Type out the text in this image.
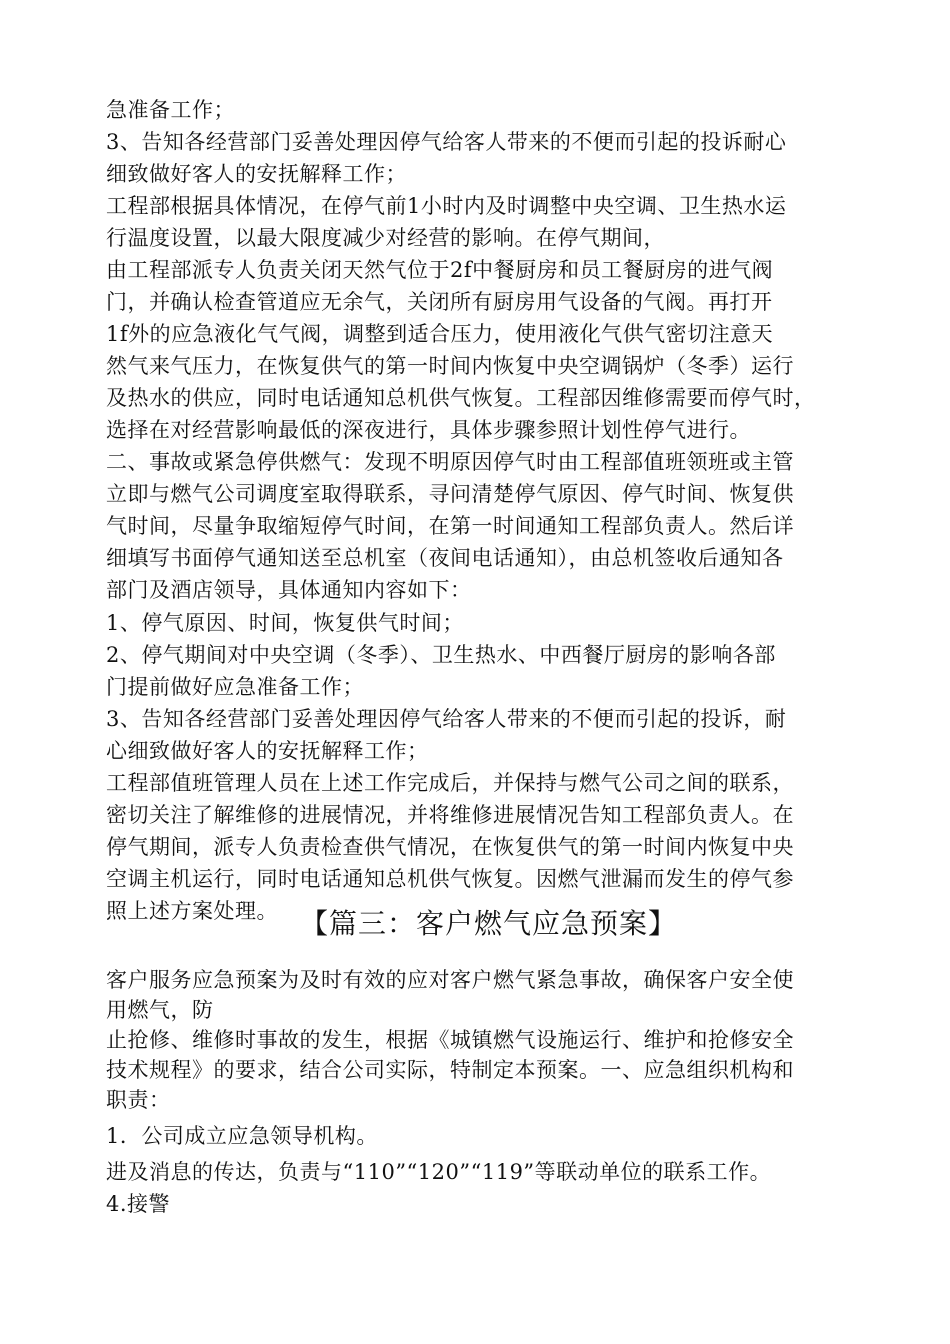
急准备工作；
3、告知各经营部门妥善处理因停气给客人带来的不便而引起的投诉耐心
细致做好客人的安抚解释工作；
工程部根据具体情况，在停气前1小时内及时调整中央空调、卫生热水运
行温度设置，以最大限度减少对经营的影响。在停气期间，
由工程部派专人负责关闭天然气位于2f中餐厨房和员工餐厨房的进气阀
门，并确认检查管道应无余气，关闭所有厨房用气设备的气阀。再打开
1f外的应急液化气气阀，调整到适合压力，使用液化气供气密切注意天
然气来气压力，在恢复供气的第一时间内恢复中央空调锅炉（冬季）运行
及热水的供应，同时电话通知总机供气恢复。工程部因维修需要而停气时，
选择在对经营影响最低的深夜进行，具体步骤参照计划性停气进行。
二、事故或紧急停供燃气：发现不明原因停气时由工程部值班领班或主管
立即与燃气公司调度室取得联系，寻问清楚停气原因、停气时间、恢复供
气时间，尽量争取缩短停气时间，在第一时间通知工程部负责人。然后详
细填写书面停气通知送至总机室（夜间电话通知），由总机签收后通知各
部门及酒店领导，具体通知内容如下：
1、停气原因、时间，恢复供气时间；
2、停气期间对中央空调（冬季）、卫生热水、中西餐厅厨房的影响各部
门提前做好应急准备工作；
3、告知各经营部门妥善处理因停气给客人带来的不便而引起的投诉，耐
心细致做好客人的安抚解释工作；
工程部值班管理人员在上述工作完成后，并保持与燃气公司之间的联系，
密切关注了解维修的进展情况，并将维修进展情况告知工程部负责人。在
停气期间，派专人负责检查供气情况，在恢复供气的第一时间内恢复中央
空调主机运行，同时电话通知总机供气恢复。因燃气泄漏而发生的停气参
照上述方案处理。 【篇三：客户燃气应急预案】
客户服务应急预案为及时有效的应对客户燃气紧急事故，确保客户安全使
用燃气，防
止抢修、维修时事故的发生，根据《城镇燃气设施运行、维护和抢修安全
技术规程》的要求，结合公司实际，特制定本预案。一、应急组织机构和
职责：
1．公司成立应急领导机构。
进及消息的传达，负责与“110”“120”“119”等联动单位的联系工作。
4.接警
